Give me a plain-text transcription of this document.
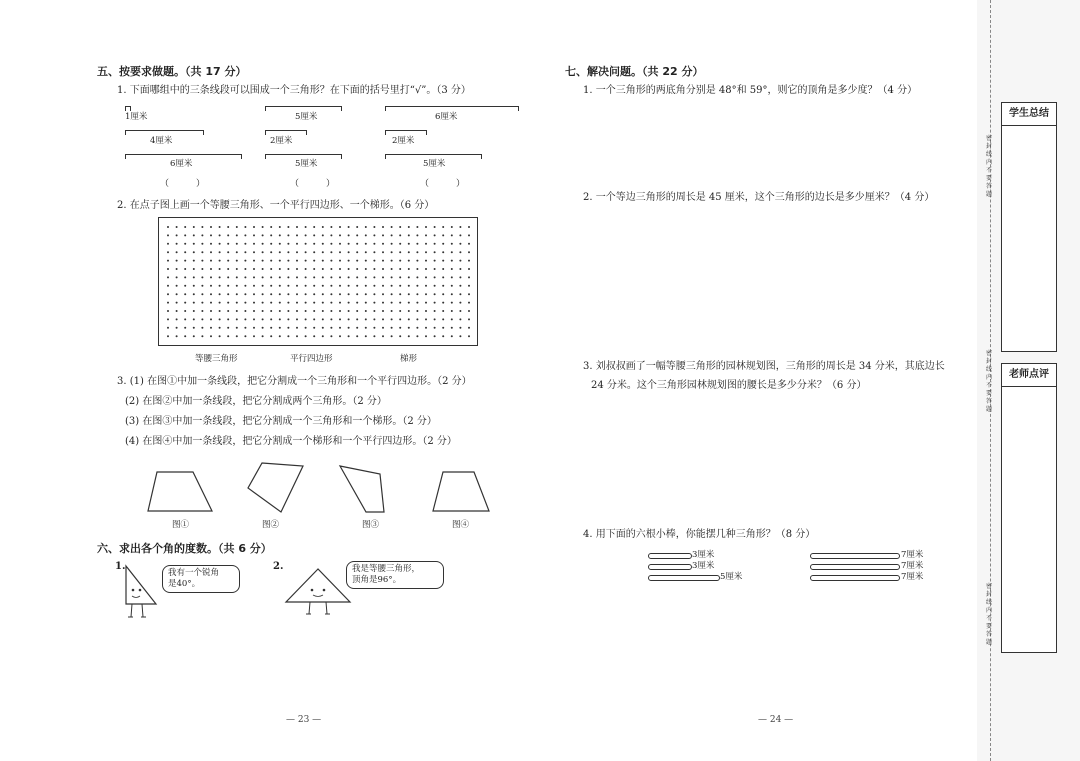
五、按要求做题。（共 17 分）
1. 下面哪组中的三条线段可以围成一个三角形？在下面的括号里打“√”。（3 分）
1厘米
4厘米
6厘米
（　　　）
5厘米
2厘米
5厘米
（　　　）
6厘米
2厘米
5厘米
（　　　）
2. 在点子图上画一个等腰三角形、一个平行四边形、一个梯形。（6 分）
等腰三角形	平行四边形	梯形
3. (1) 在图①中加一条线段，把它分割成一个三角形和一个平行四边形。（2 分）
(2) 在图②中加一条线段，把它分割成两个三角形。（2 分）
(3) 在图③中加一条线段，把它分割成一个三角形和一个梯形。（2 分）
(4) 在图④中加一条线段，把它分割成一个梯形和一个平行四边形。（2 分）
图①	图②	图③	图④
六、求出各个角的度数。（共 6 分）
1.
我有一个锐角
是40°。
2.	我是等腰三角形，
顶角是96°。
— 23 —
七、解决问题。（共 22 分）
1. 一个三角形的两底角分别是 48°和 59°，则它的顶角是多少度？（4 分）
2. 一个等边三角形的周长是 45 厘米，这个三角形的边长是多少厘米？（4 分）
3. 刘叔叔画了一幅等腰三角形的园林规划图，三角形的周长是 34 分米，其底边长
24 分米。这个三角形园林规划图的腰长是多少分米？（6 分）
4. 用下面的六根小棒，你能摆几种三角形？（8 分）
3厘米
3厘米
5厘米
7厘米
7厘米
7厘米
— 24 —
密
封
线
内
不
要
答
题
密
封
线
内
不
要
答
题
密
封
线
内
不
要
答
题
学生总结
老师点评
